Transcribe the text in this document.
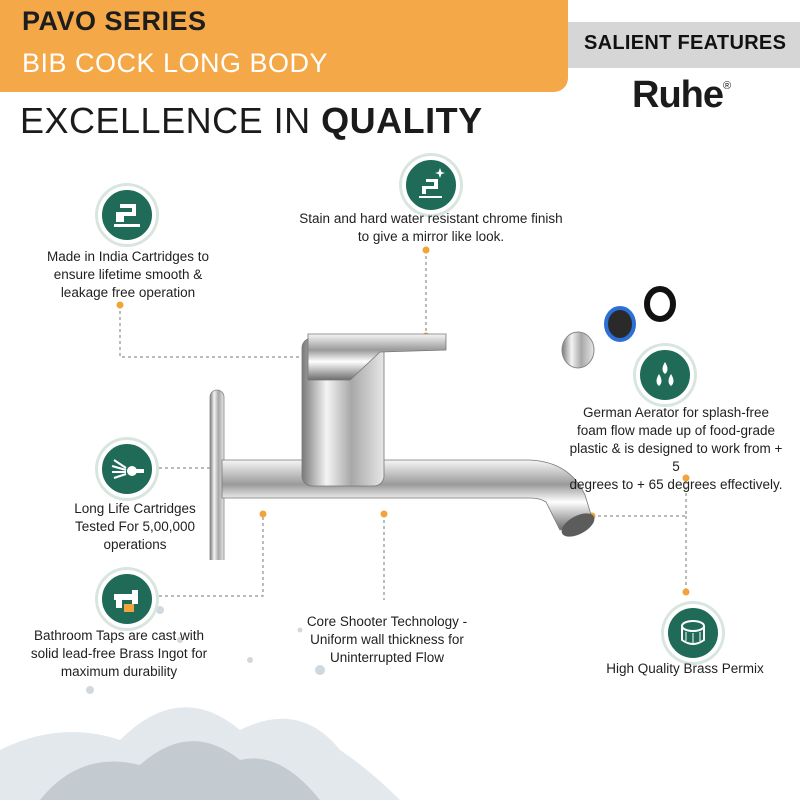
PAVO SERIES
BIB COCK LONG BODY
SALIENT FEATURES
Ruhe®
EXCELLENCE IN QUALITY
Made in India Cartridges to
ensure lifetime smooth &
leakage free operation
Stain and hard water resistant chrome finish
to give a mirror like look.
German Aerator for splash-free
foam flow made up of food-grade
plastic & is designed to work from + 5
degrees to + 65 degrees effectively.
Long Life Cartridges
Tested For 5,00,000 operations
Bathroom Taps are cast with
solid lead-free Brass Ingot for
maximum durability
Core Shooter Technology -
Uniform wall thickness for
Uninterrupted Flow
High Quality Brass Permix
